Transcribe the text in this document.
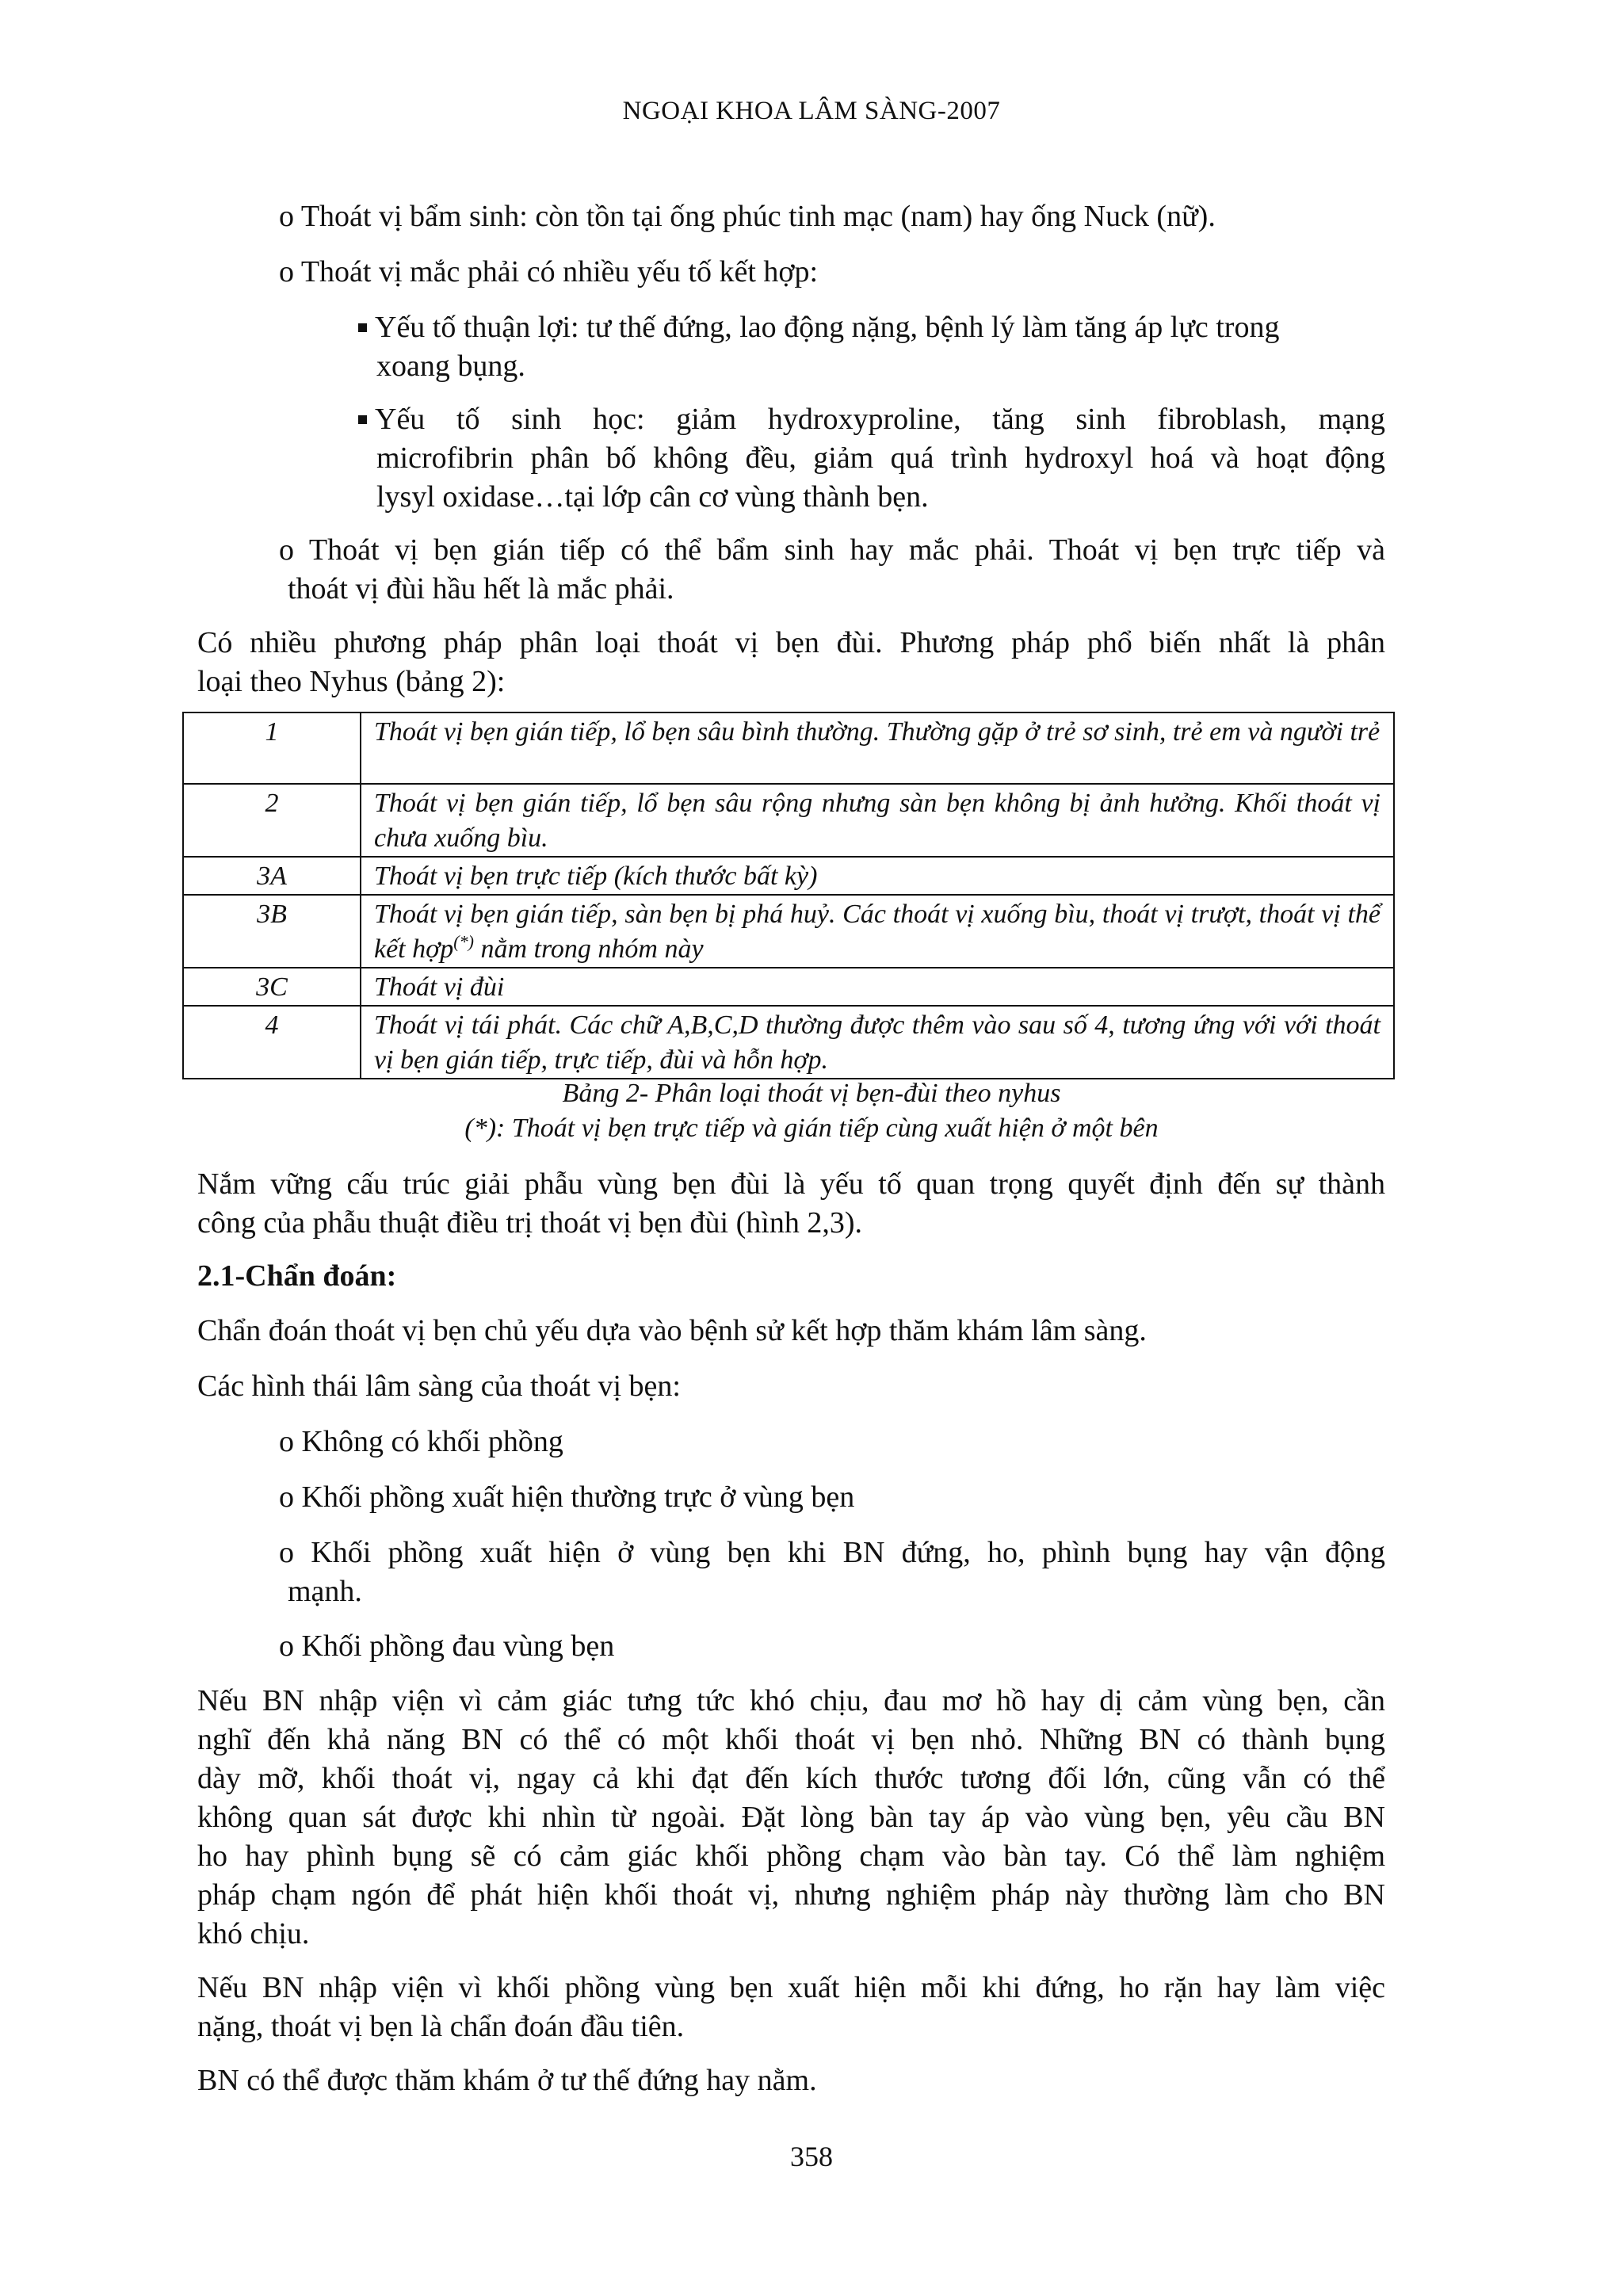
NGOẠI KHOA LÂM SÀNG-2007
o Thoát vị bẩm sinh: còn tồn tại ống phúc tinh mạc (nam) hay ống Nuck (nữ).
o Thoát vị mắc phải có nhiều yếu tố kết hợp:
Yếu tố thuận lợi: tư thế đứng, lao động nặng, bệnh lý làm tăng áp lực trong
xoang bụng.
Yếu tố sinh học: giảm hydroxyproline, tăng sinh fibroblash, mạng
microfibrin phân bố không đều, giảm quá trình hydroxyl hoá và hoạt động
lysyl oxidase…tại lớp cân cơ vùng thành bẹn.
o Thoát vị bẹn gián tiếp có thể bẩm sinh hay mắc phải. Thoát vị bẹn trực tiếp và
thoát vị đùi hầu hết là mắc phải.
Có nhiều phương pháp phân loại thoát vị bẹn đùi. Phương pháp phổ biến nhất là phân
loại theo Nyhus (bảng 2):
1	Thoát vị bẹn gián tiếp, lổ bẹn sâu bình thường. Thường gặp ở trẻ sơ sinh, trẻ em và người trẻ
2	Thoát vị bẹn gián tiếp, lổ bẹn sâu rộng nhưng sàn bẹn không bị ảnh hưởng. Khối thoát vị chưa xuống bìu.
3A	Thoát vị bẹn trực tiếp (kích thước bất kỳ)
3B	Thoát vị bẹn gián tiếp, sàn bẹn bị phá huỷ. Các thoát vị xuống bìu, thoát vị trượt, thoát vị thể kết hợp(*) nằm trong nhóm này
3C	Thoát vị đùi
4	Thoát vị tái phát. Các chữ A,B,C,D thường được thêm vào sau số 4, tương ứng với với thoát vị bẹn gián tiếp, trực tiếp, đùi và hỗn hợp.
Bảng 2- Phân loại thoát vị bẹn-đùi theo nyhus
(*): Thoát vị bẹn trực tiếp và gián tiếp cùng xuất hiện ở một bên
Nắm vững cấu trúc giải phẫu vùng bẹn đùi là yếu tố quan trọng quyết định đến sự thành
công của phẫu thuật điều trị thoát vị bẹn đùi (hình 2,3).
2.1-Chẩn đoán:
Chẩn đoán thoát vị bẹn chủ yếu dựa vào bệnh sử kết hợp thăm khám lâm sàng.
Các hình thái lâm sàng của thoát vị bẹn:
o Không có khối phồng
o Khối phồng xuất hiện thường trực ở vùng bẹn
o Khối phồng xuất hiện ở vùng bẹn khi BN đứng, ho, phình bụng hay vận động
mạnh.
o Khối phồng đau vùng bẹn
Nếu BN nhập viện vì cảm giác tưng tức khó chịu, đau mơ hồ hay dị cảm vùng bẹn, cần
nghĩ đến khả năng BN có thể có một khối thoát vị bẹn nhỏ. Những BN có thành bụng
dày mỡ, khối thoát vị, ngay cả khi đạt đến kích thước tương đối lớn, cũng vẫn có thể
không quan sát được khi nhìn từ ngoài. Đặt lòng bàn tay áp vào vùng bẹn, yêu cầu BN
ho hay phình bụng sẽ có cảm giác khối phồng chạm vào bàn tay. Có thể làm nghiệm
pháp chạm ngón để phát hiện khối thoát vị, nhưng nghiệm pháp này thường làm cho BN
khó chịu.
Nếu BN nhập viện vì khối phồng vùng bẹn xuất hiện mỗi khi đứng, ho rặn hay làm việc
nặng, thoát vị bẹn là chẩn đoán đầu tiên.
BN có thể được thăm khám ở tư thế đứng hay nằm.
358
